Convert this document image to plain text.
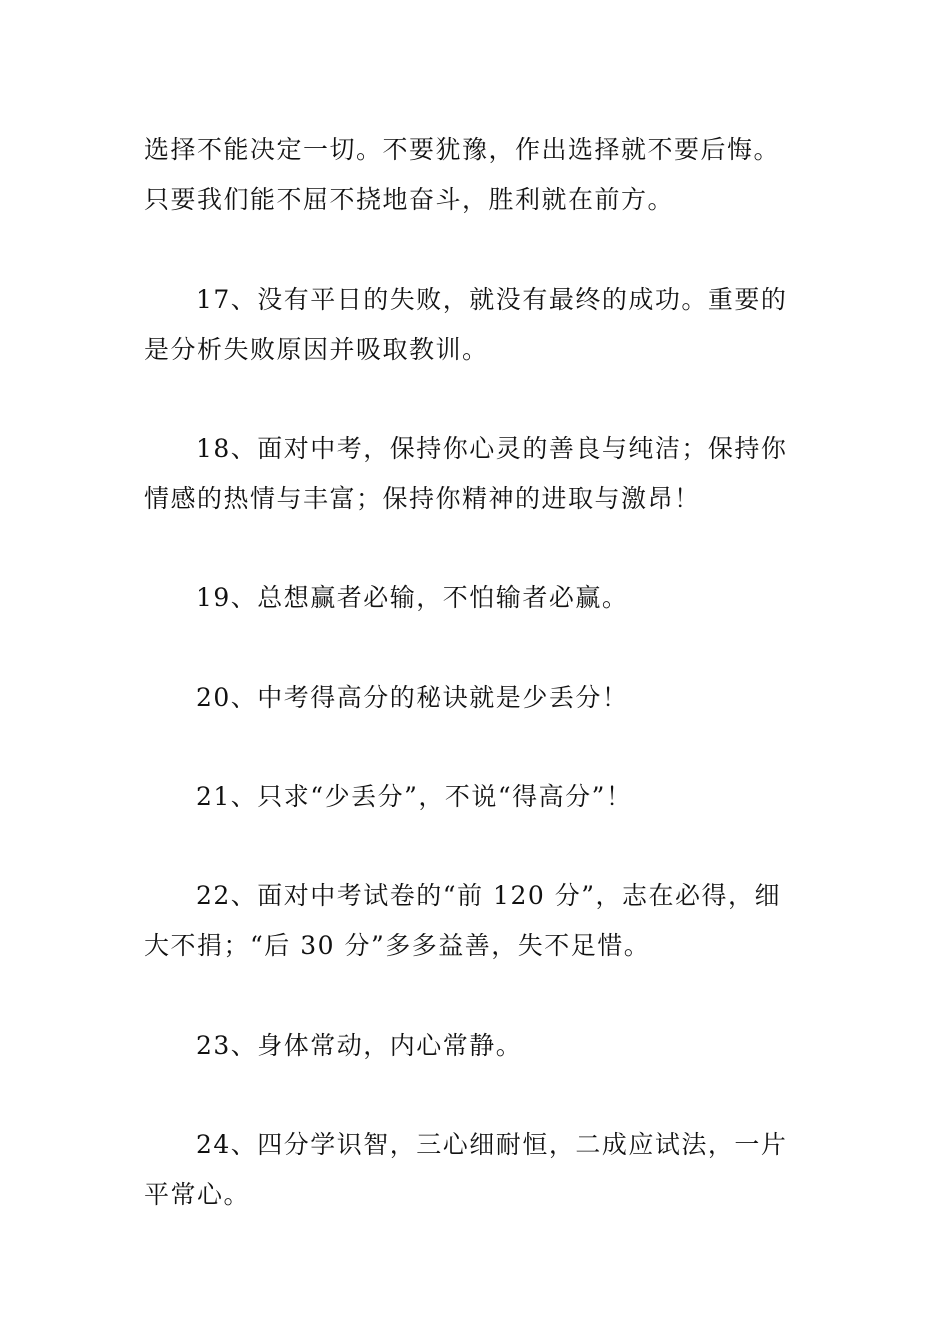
选择不能决定一切。不要犹豫，作出选择就不要后悔。只要我们能不屈不挠地奋斗，胜利就在前方。

17、没有平日的失败，就没有最终的成功。重要的是分析失败原因并吸取教训。

18、面对中考，保持你心灵的善良与纯洁；保持你情感的热情与丰富；保持你精神的进取与激昂！

19、总想赢者必输，不怕输者必赢。

20、中考得高分的秘诀就是少丢分！

21、只求“少丢分”，不说“得高分”！

22、面对中考试卷的“前 120 分”，志在必得，细大不捐；“后 30 分”多多益善，失不足惜。

23、身体常动，内心常静。

24、四分学识智，三心细耐恒，二成应试法，一片平常心。
